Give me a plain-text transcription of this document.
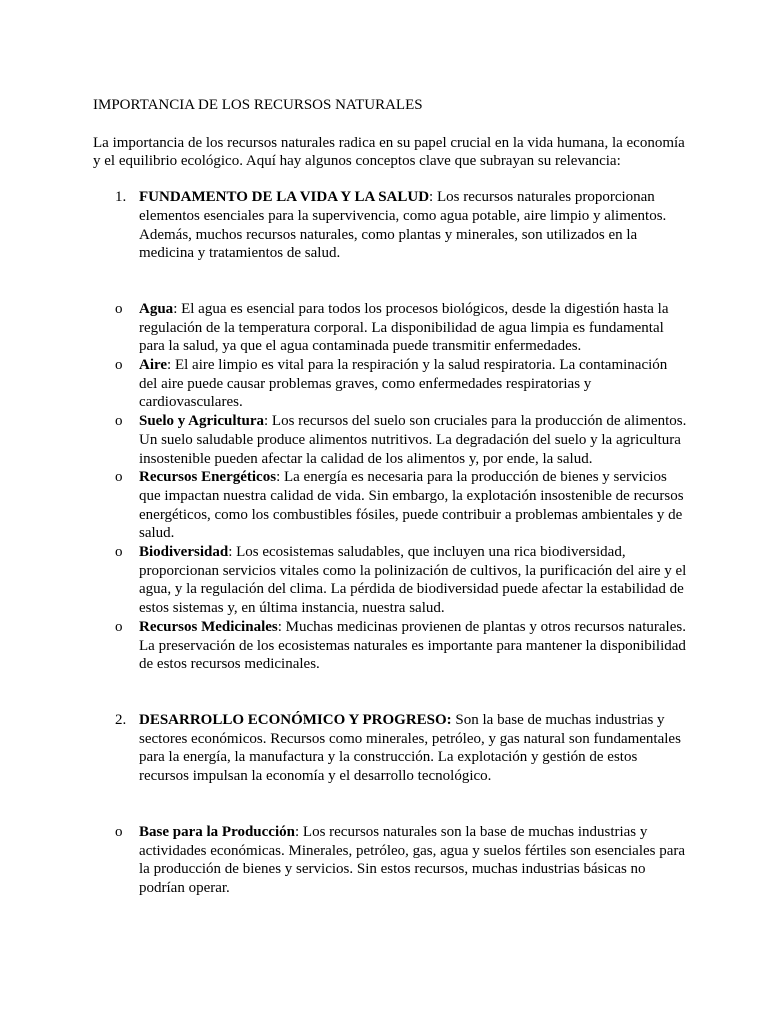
IMPORTANCIA DE LOS RECURSOS NATURALES

La importancia de los recursos naturales radica en su papel crucial en la vida humana, la economía y el equilibrio ecológico. Aquí hay algunos conceptos clave que subrayan su relevancia:

1. FUNDAMENTO DE LA VIDA Y LA SALUD: Los recursos naturales proporcionan elementos esenciales para la supervivencia, como agua potable, aire limpio y alimentos. Además, muchos recursos naturales, como plantas y minerales, son utilizados en la medicina y tratamientos de salud.
o Agua: El agua es esencial para todos los procesos biológicos, desde la digestión hasta la regulación de la temperatura corporal. La disponibilidad de agua limpia es fundamental para la salud, ya que el agua contaminada puede transmitir enfermedades.
o Aire: El aire limpio es vital para la respiración y la salud respiratoria. La contaminación del aire puede causar problemas graves, como enfermedades respiratorias y cardiovasculares.
o Suelo y Agricultura: Los recursos del suelo son cruciales para la producción de alimentos. Un suelo saludable produce alimentos nutritivos. La degradación del suelo y la agricultura insostenible pueden afectar la calidad de los alimentos y, por ende, la salud.
o Recursos Energéticos: La energía es necesaria para la producción de bienes y servicios que impactan nuestra calidad de vida. Sin embargo, la explotación insostenible de recursos energéticos, como los combustibles fósiles, puede contribuir a problemas ambientales y de salud.
o Biodiversidad: Los ecosistemas saludables, que incluyen una rica biodiversidad, proporcionan servicios vitales como la polinización de cultivos, la purificación del aire y el agua, y la regulación del clima. La pérdida de biodiversidad puede afectar la estabilidad de estos sistemas y, en última instancia, nuestra salud.
o Recursos Medicinales: Muchas medicinas provienen de plantas y otros recursos naturales. La preservación de los ecosistemas naturales es importante para mantener la disponibilidad de estos recursos medicinales.
2. DESARROLLO ECONÓMICO Y PROGRESO: Son la base de muchas industrias y sectores económicos. Recursos como minerales, petróleo, y gas natural son fundamentales para la energía, la manufactura y la construcción. La explotación y gestión de estos recursos impulsan la economía y el desarrollo tecnológico.
o Base para la Producción: Los recursos naturales son la base de muchas industrias y actividades económicas. Minerales, petróleo, gas, agua y suelos fértiles son esenciales para la producción de bienes y servicios. Sin estos recursos, muchas industrias básicas no podrían operar.
